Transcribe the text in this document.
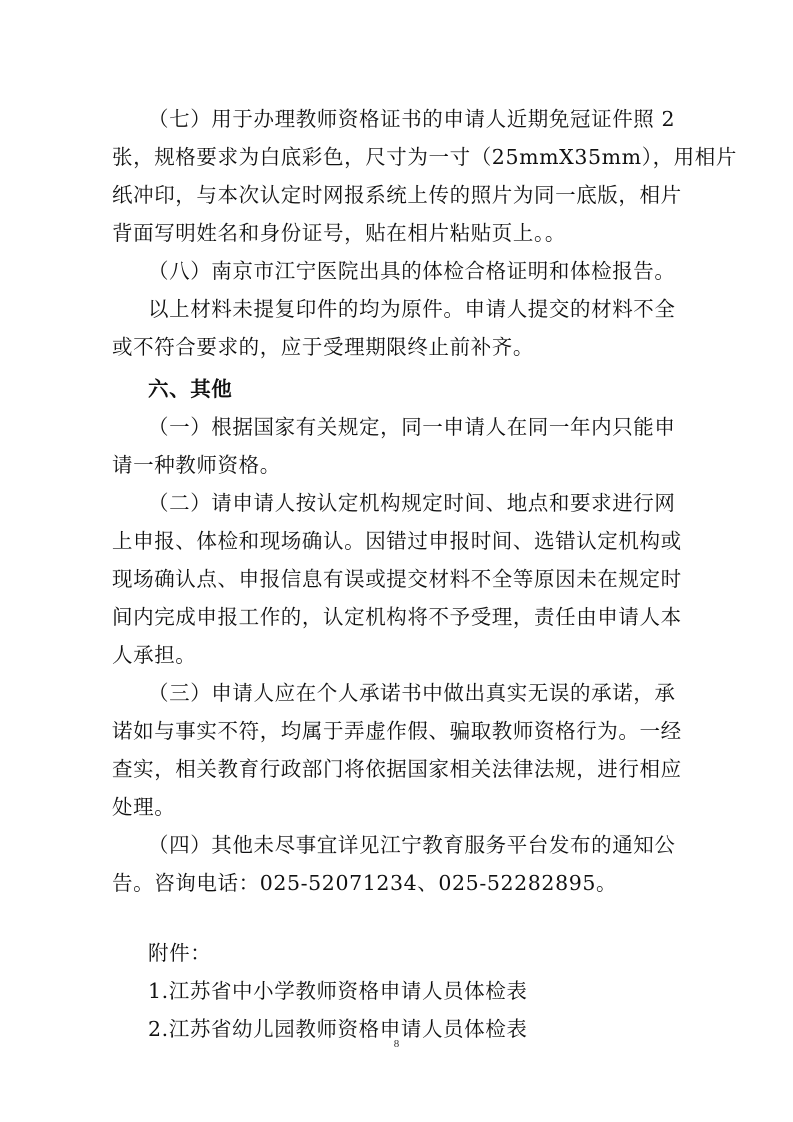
（七）用于办理教师资格证书的申请人近期免冠证件照 2
张，规格要求为白底彩色，尺寸为一寸（25mmX35mm），用相片
纸冲印，与本次认定时网报系统上传的照片为同一底版，相片
背面写明姓名和身份证号，贴在相片粘贴页上。。
（八）南京市江宁医院出具的体检合格证明和体检报告。
以上材料未提复印件的均为原件。申请人提交的材料不全
或不符合要求的，应于受理期限终止前补齐。
六、其他
（一）根据国家有关规定，同一申请人在同一年内只能申
请一种教师资格。
（二）请申请人按认定机构规定时间、地点和要求进行网
上申报、体检和现场确认。因错过申报时间、选错认定机构或
现场确认点、申报信息有误或提交材料不全等原因未在规定时
间内完成申报工作的，认定机构将不予受理，责任由申请人本
人承担。
（三）申请人应在个人承诺书中做出真实无误的承诺，承
诺如与事实不符，均属于弄虚作假、骗取教师资格行为。一经
查实，相关教育行政部门将依据国家相关法律法规，进行相应
处理。
（四）其他未尽事宜详见江宁教育服务平台发布的通知公
告。咨询电话：025-52071234、025-52282895。
附件：
1.江苏省中小学教师资格申请人员体检表
2.江苏省幼儿园教师资格申请人员体检表
8
